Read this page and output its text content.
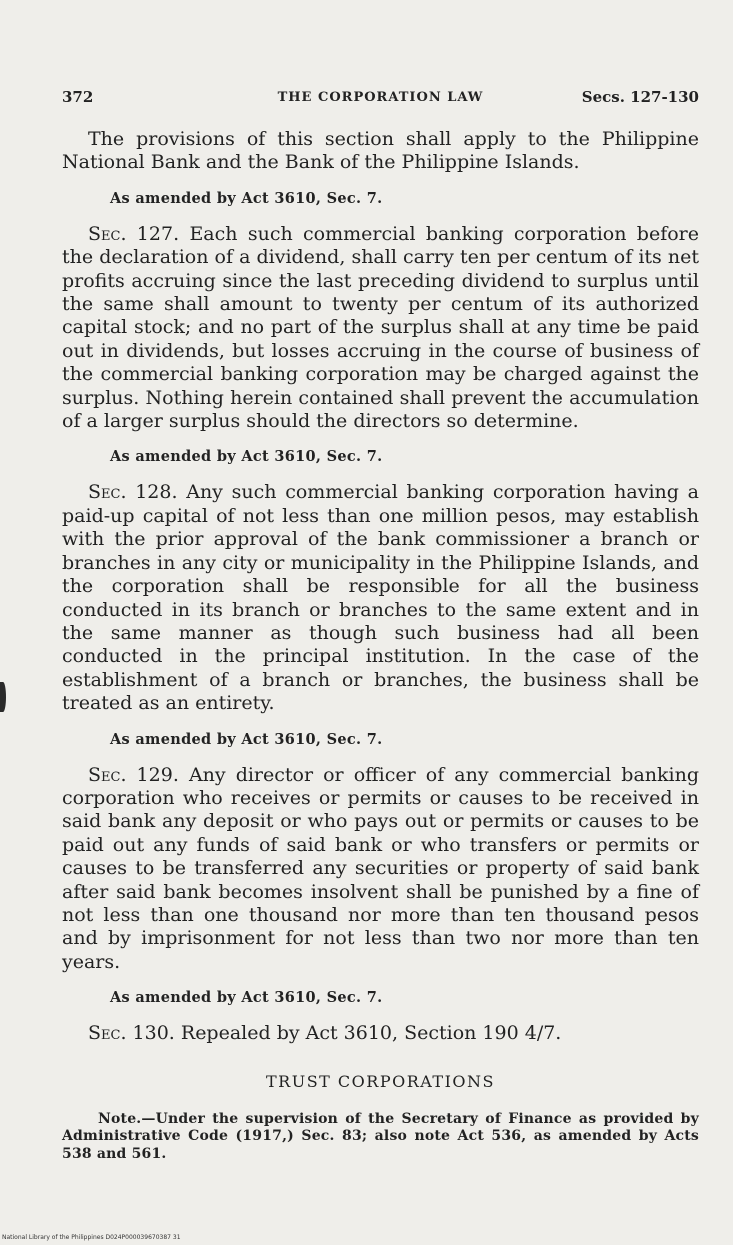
372	THE CORPORATION LAW	Secs. 127-130

The provisions of this section shall apply to the Philippine National Bank and the Bank of the Philippine Islands.

As amended by Act 3610, Sec. 7.

Sec. 127. Each such commercial banking corporation before the declaration of a dividend, shall carry ten per centum of its net profits accruing since the last preceding dividend to surplus until the same shall amount to twenty per centum of its authorized capital stock; and no part of the surplus shall at any time be paid out in dividends, but losses accruing in the course of business of the commercial banking corporation may be charged against the surplus. Nothing herein contained shall prevent the accumulation of a larger surplus should the directors so determine.

As amended by Act 3610, Sec. 7.

Sec. 128. Any such commercial banking corporation having a paid-up capital of not less than one million pesos, may establish with the prior approval of the bank commissioner a branch or branches in any city or municipality in the Philippine Islands, and the corporation shall be responsible for all the business conducted in its branch or branches to the same extent and in the same manner as though such business had all been conducted in the principal institution. In the case of the establishment of a branch or branches, the business shall be treated as an entirety.

As amended by Act 3610, Sec. 7.

Sec. 129. Any director or officer of any commercial banking corporation who receives or permits or causes to be received in said bank any deposit or who pays out or permits or causes to be paid out any funds of said bank or who transfers or permits or causes to be transferred any securities or property of said bank after said bank becomes insolvent shall be punished by a fine of not less than one thousand nor more than ten thousand pesos and by imprisonment for not less than two nor more than ten years.

As amended by Act 3610, Sec. 7.

Sec. 130. Repealed by Act 3610, Section 190 4/7.

TRUST CORPORATIONS

Note.—Under the supervision of the Secretary of Finance as provided by Administrative Code (1917,) Sec. 83; also note Act 536, as amended by Acts 538 and 561.

National Library of the Philippines D024P000039670387 31
